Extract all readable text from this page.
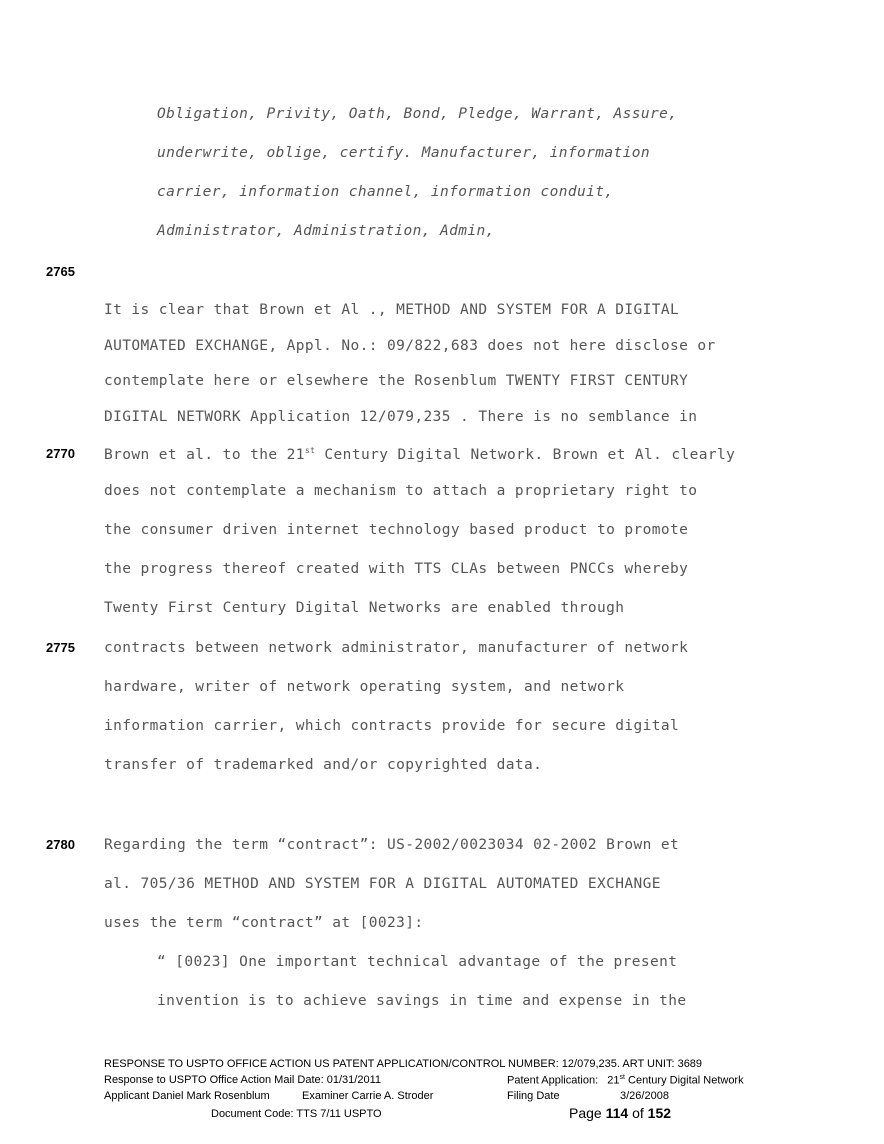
Obligation, Privity, Oath, Bond, Pledge, Warrant, Assure,
underwrite, oblige, certify. Manufacturer, information
carrier, information channel, information conduit,
Administrator, Administration, Admin,
2765
2770
2775
2780
It is clear that Brown et Al ., METHOD AND SYSTEM FOR A DIGITAL
AUTOMATED EXCHANGE, Appl. No.: 09/822,683 does not here disclose or
contemplate here or elsewhere the Rosenblum TWENTY FIRST CENTURY
DIGITAL NETWORK Application 12/079,235 . There is no semblance in
Brown et al. to the 21st Century Digital Network. Brown et Al. clearly
does not contemplate a mechanism to attach a proprietary right to
the consumer driven internet technology based product to promote
the progress thereof created with TTS CLAs between PNCCs whereby
Twenty First Century Digital Networks are enabled through
contracts between network administrator, manufacturer of network
hardware, writer of network operating system, and network
information carrier, which contracts provide for secure digital
transfer of trademarked and/or copyrighted data.
Regarding the term “contract”: US-2002/0023034 02-2002 Brown et
al. 705/36 METHOD AND SYSTEM FOR A DIGITAL AUTOMATED EXCHANGE
uses the term “contract” at [0023]:
“ [0023] One important technical advantage of the present
invention is to achieve savings in time and expense in the
RESPONSE TO USPTO OFFICE ACTION US PATENT APPLICATION/CONTROL NUMBER: 12/079,235. ART UNIT: 3689
Response to USPTO Office Action Mail Date: 01/31/2011	Patent Application: 21st Century Digital Network
Applicant Daniel Mark Rosenblum	Examiner Carrie A. Stroder	Filing Date	3/26/2008
Document Code: TTS 7/11 USPTO	Page 114 of 152
